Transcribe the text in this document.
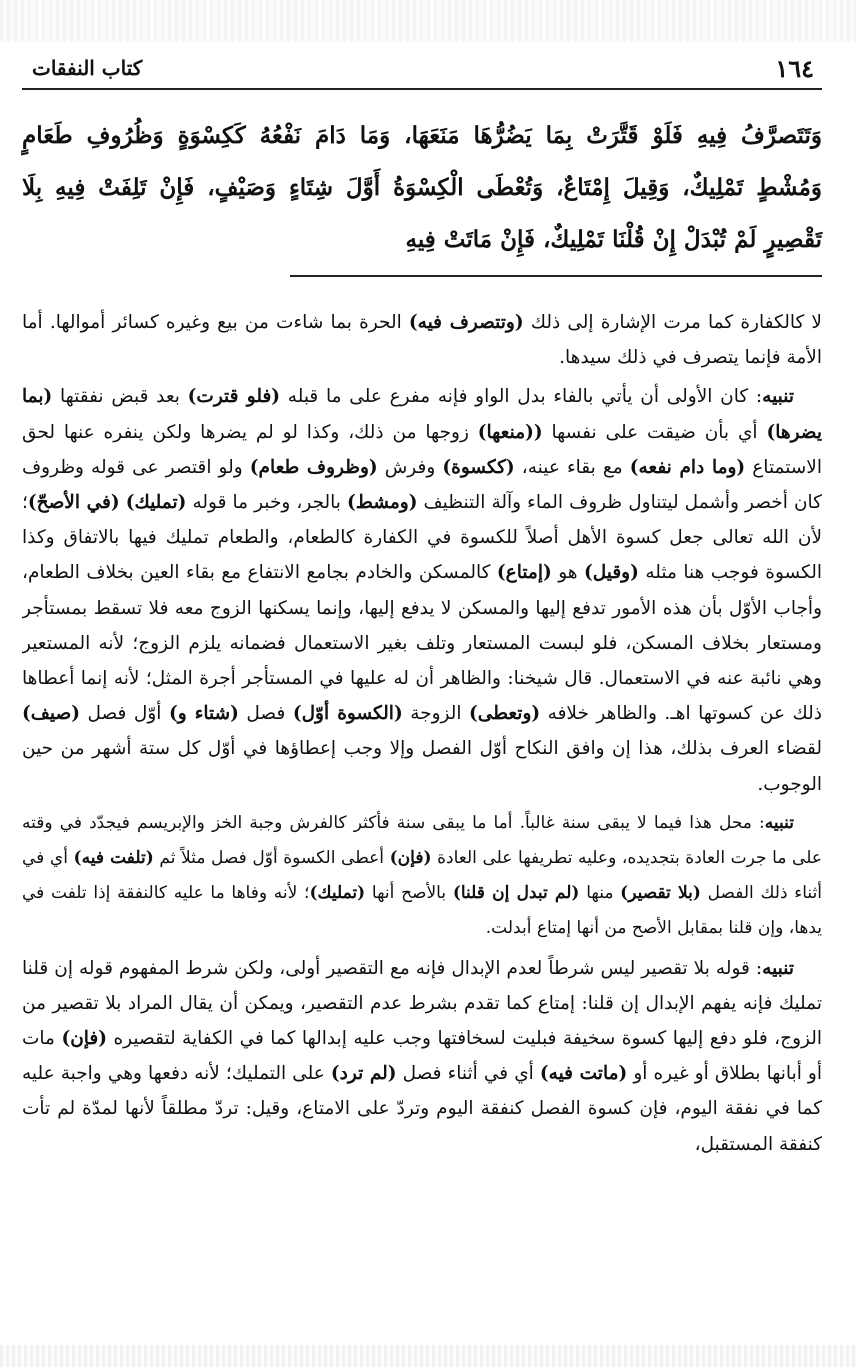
١٦٤
كتاب النفقات

وَتَتَصرَّفُ فِيهِ فَلَوْ قَتَّرَتْ بِمَا يَضُرُّهَا مَنَعَهَا، وَمَا دَامَ نَفْعُهُ كَكِسْوَةٍ وَظُرُوفِ طَعَامٍ وَمُشْطٍ تَمْلِيكٌ، وَقِيلَ إِمْتَاعٌ، وَتُعْطَى الْكِسْوَةُ أَوَّلَ شِتَاءٍ وَصَيْفٍ، فَإِنْ تَلِفَتْ فِيهِ بِلَا تَقْصِيرٍ لَمْ تُبْدَلْ إِنْ قُلْنَا تَمْلِيكٌ، فَإِنْ مَاتَتْ فِيهِ

لا كالكفارة كما مرت الإشارة إلى ذلك (وتتصرف فيه) الحرة بما شاءت من بيع وغيره كسائر أموالها. أما الأمة فإنما يتصرف في ذلك سيدها.

تنبيه: كان الأولى أن يأتي بالفاء بدل الواو فإنه مفرع على ما قبله (فلو قترت) بعد قبض نفقتها (بما يضرها) أي بأن ضيقت على نفسها ((منعها) زوجها من ذلك، وكذا لو لم يضرها ولكن ينفره عنها لحق الاستمتاع (وما دام نفعه) مع بقاء عينه، (ككسوة) وفرش (وظروف طعام) ولو اقتصر عى قوله وظروف كان أخصر وأشمل ليتناول ظروف الماء وآلة التنظيف (ومشط) بالجر، وخبر ما قوله (تمليك) (في الأصحّ)؛ لأن الله تعالى جعل كسوة الأهل أصلاً للكسوة في الكفارة كالطعام، والطعام تمليك فيها بالاتفاق وكذا الكسوة فوجب هنا مثله (وقيل) هو (إمتاع) كالمسكن والخادم بجامع الانتفاع مع بقاء العين بخلاف الطعام، وأجاب الأوّل بأن هذه الأمور تدفع إليها والمسكن لا يدفع إليها، وإنما يسكنها الزوج معه فلا تسقط بمستأجر ومستعار بخلاف المسكن، فلو لبست المستعار وتلف بغير الاستعمال فضمانه يلزم الزوج؛ لأنه المستعير وهي نائبة عنه في الاستعمال. قال شيخنا: والظاهر أن له عليها في المستأجر أجرة المثل؛ لأنه إنما أعطاها ذلك عن كسوتها اهـ. والظاهر خلافه (وتعطى) الزوجة (الكسوة أوّل) فصل (شتاء و) أوّل فصل (صيف) لقضاء العرف بذلك، هذا إن وافق النكاح أوّل الفصل وإلا وجب إعطاؤها في أوّل كل ستة أشهر من حين الوجوب.

تنبيه: محل هذا فيما لا يبقى سنة غالباً. أما ما يبقى سنة فأكثر كالفرش وجبة الخز والإبريسم فيجدّد في وقته على ما جرت العادة بتجديده، وعليه تطريفها على العادة (فإن) أعطى الكسوة أوّل فصل مثلاً ثم (تلفت فيه) أي في أثناء ذلك الفصل (بلا تقصير) منها (لم تبدل إن قلنا) بالأصح أنها (تمليك)؛ لأنه وفاها ما عليه كالنفقة إذا تلفت في يدها، وإن قلنا بمقابل الأصح من أنها إمتاع أبدلت.

تنبيه: قوله بلا تقصير ليس شرطاً لعدم الإبدال فإنه مع التقصير أولى، ولكن شرط المفهوم قوله إن قلنا تمليك فإنه يفهم الإبدال إن قلنا: إمتاع كما تقدم بشرط عدم التقصير، ويمكن أن يقال المراد بلا تقصير من الزوج، فلو دفع إليها كسوة سخيفة فبليت لسخافتها وجب عليه إبدالها كما في الكفاية لتقصيره (فإن) مات أو أبانها بطلاق أو غيره أو (ماتت فيه) أي في أثناء فصل (لم ترد) على التمليك؛ لأنه دفعها وهي واجبة عليه كما في نفقة اليوم، فإن كسوة الفصل كنفقة اليوم وتردّ على الامتاع، وقيل: تردّ مطلقاً لأنها لمدّة لم تأت كنفقة المستقبل،
